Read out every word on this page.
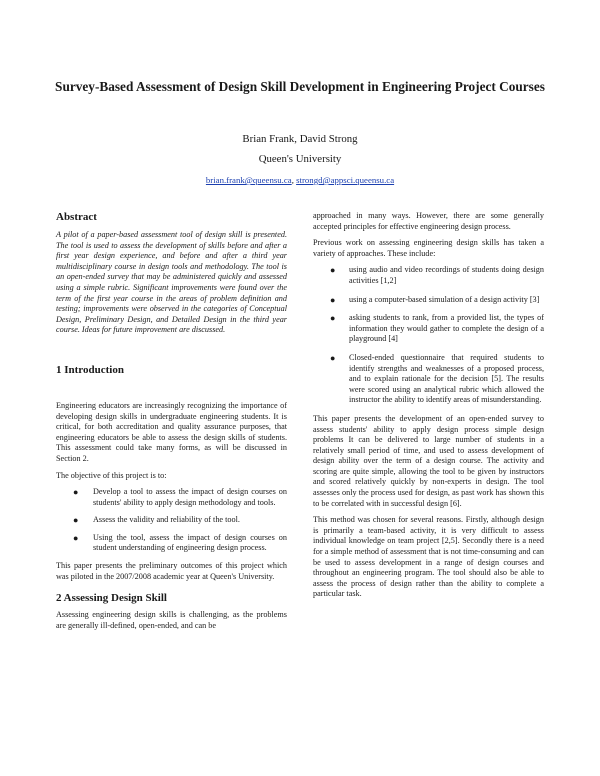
Survey-Based Assessment of Design Skill Development in Engineering Project Courses
Brian Frank, David Strong
Queen's University
brian.frank@queensu.ca, strongd@appsci.queensu.ca
Abstract
A pilot of a paper-based assessment tool of design skill is presented. The tool is used to assess the development of skills before and after a first year design experience, and before and after a third year multidisciplinary course in design tools and methodology. The tool is an open-ended survey that may be administered quickly and assessed using a simple rubric. Significant improvements were found over the term of the first year course in the areas of problem definition and testing; improvements were observed in the categories of Conceptual Design, Preliminary Design, and Detailed Design in the third year course. Ideas for future improvement are discussed.
1 Introduction
Engineering educators are increasingly recognizing the importance of developing design skills in undergraduate engineering students. It is critical, for both accreditation and quality assurance purposes, that engineering educators be able to assess the design skills of students. This assessment could take many forms, as will be discussed in Section 2.
The objective of this project is to:
● Develop a tool to assess the impact of design courses on students' ability to apply design methodology and tools.
● Assess the validity and reliability of the tool.
● Using the tool, assess the impact of design courses on student understanding of engineering design process.
This paper presents the preliminary outcomes of this project which was piloted in the 2007/2008 academic year at Queen's University.
2 Assessing Design Skill
Assessing engineering design skills is challenging, as the problems are generally ill-defined, open-ended, and can be
approached in many ways. However, there are some generally accepted principles for effective engineering design process.
Previous work on assessing engineering design skills has taken a variety of approaches. These include:
● using audio and video recordings of students doing design activities [1,2]
● using a computer-based simulation of a design activity [3]
● asking students to rank, from a provided list, the types of information they would gather to complete the design of a playground [4]
● Closed-ended questionnaire that required students to identify strengths and weaknesses of a proposed process, and to explain rationale for the decision [5]. The results were scored using an analytical rubric which allowed the instructor the ability to identify areas of misunderstanding.
This paper presents the development of an open-ended survey to assess students' ability to apply design process simple design problems It can be delivered to large number of students in a relatively small period of time, and used to assess development of design ability over the term of a design course. The activity and scoring are quite simple, allowing the tool to be given by instructors and scored relatively quickly by non-experts in design. The tool assesses only the process used for design, as past work has shown this to be correlated with in successful design [6].
This method was chosen for several reasons. Firstly, although design is primarily a team-based activity, it is very difficult to assess individual knowledge on team project [2,5]. Secondly there is a need for a simple method of assessment that is not time-consuming and can be used to assess development in a range of design courses and throughout an engineering program. The tool should also be able to assess the process of design rather than the ability to complete a particular task.
